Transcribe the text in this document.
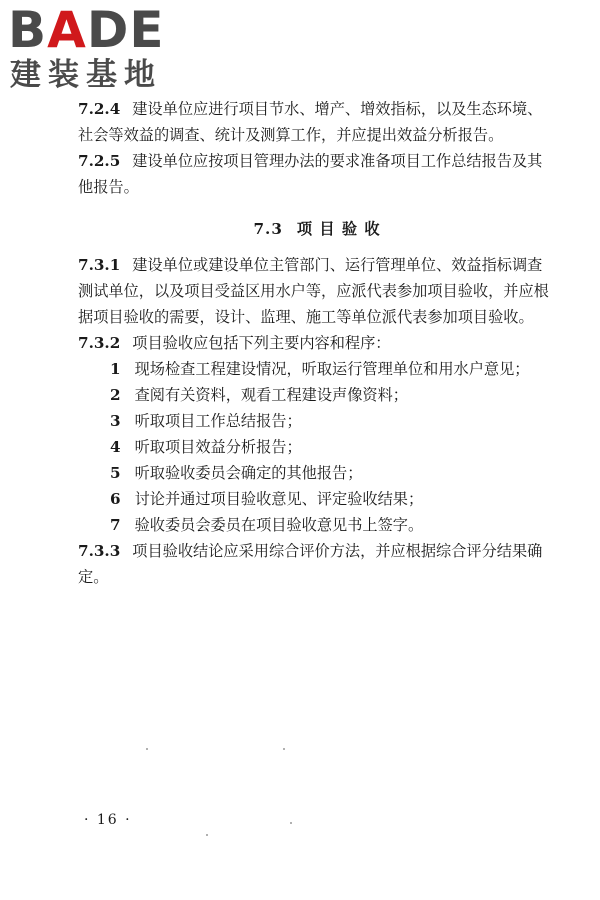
BADE
建装基地

7.2.4 建设单位应进行项目节水、增产、增效指标，以及生态环境、社会等效益的调查、统计及测算工作，并应提出效益分析报告。

7.2.5 建设单位应按项目管理办法的要求准备项目工作总结报告及其他报告。

7.3 项 目 验 收

7.3.1 建设单位或建设单位主管部门、运行管理单位、效益指标调查测试单位，以及项目受益区用水户等，应派代表参加项目验收，并应根据项目验收的需要，设计、监理、施工等单位派代表参加项目验收。

7.3.2 项目验收应包括下列主要内容和程序：

1 现场检查工程建设情况，听取运行管理单位和用水户意见；

2 查阅有关资料，观看工程建设声像资料；

3 听取项目工作总结报告；

4 听取项目效益分析报告；

5 听取验收委员会确定的其他报告；

6 讨论并通过项目验收意见、评定验收结果；

7 验收委员会委员在项目验收意见书上签字。

7.3.3 项目验收结论应采用综合评价方法，并应根据综合评分结果确定。

· 16 ·
